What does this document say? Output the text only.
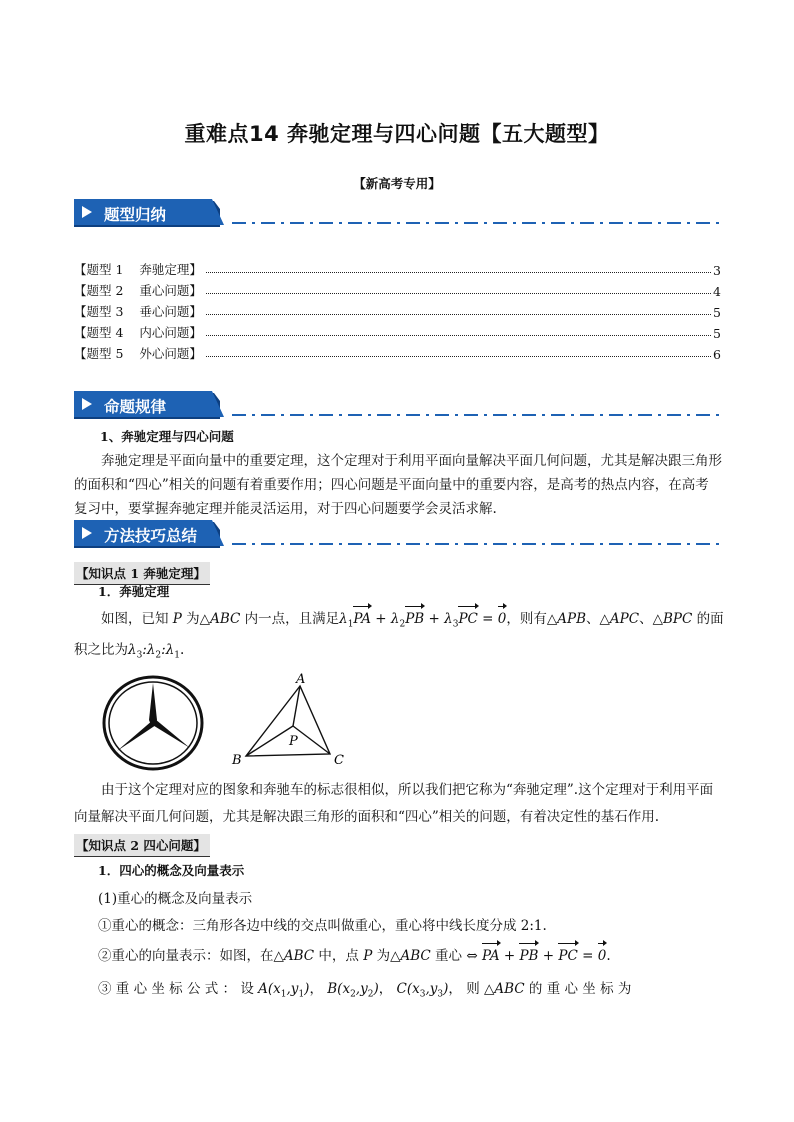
重难点14 奔驰定理与四心问题【五大题型】
【新高考专用】
题型归纳
【题型 1    奔驰定理】	3
【题型 2    重心问题】	4
【题型 3    垂心问题】	5
【题型 4    内心问题】	5
【题型 5    外心问题】	6
命题规律
1、奔驰定理与四心问题
奔驰定理是平面向量中的重要定理，这个定理对于利用平面向量解决平面几何问题，尤其是解决跟三角形的面积和“四心”相关的问题有着重要作用；四心问题是平面向量中的重要内容，是高考的热点内容，在高考复习中，要掌握奔驰定理并能灵活运用，对于四心问题要学会灵活求解.
方法技巧总结
【知识点 1 奔驰定理】
1．奔驰定理
如图，已知 P 为△ABC 内一点，且满足$\lambda_1PA + \lambda_2PB + \lambda_3PC = 0$，则有△APB、△APC、△BPC 的面
积之比为$\lambda_3:\lambda_2:\lambda_1$.
A
B	C
P
由于这个定理对应的图象和奔驰车的标志很相似，所以我们把它称为“奔驰定理”.这个定理对于利用平面向量解决平面几何问题，尤其是解决跟三角形的面积和“四心”相关的问题，有着决定性的基石作用.
【知识点 2 四心问题】
1．四心的概念及向量表示
(1)重心的概念及向量表示
①重心的概念：三角形各边中线的交点叫做重心，重心将中线长度分成 2:1.
②重心的向量表示：如图，在△ABC 中，点 P 为△ABC 重心 ⇔ PA + PB + PC = 0.
③ 重 心 坐 标 公 式 ： 设 $A(x_1,y_1)$， $B(x_2,y_2)$， $C(x_3,y_3)$， 则 △ABC 的 重 心 坐 标 为
